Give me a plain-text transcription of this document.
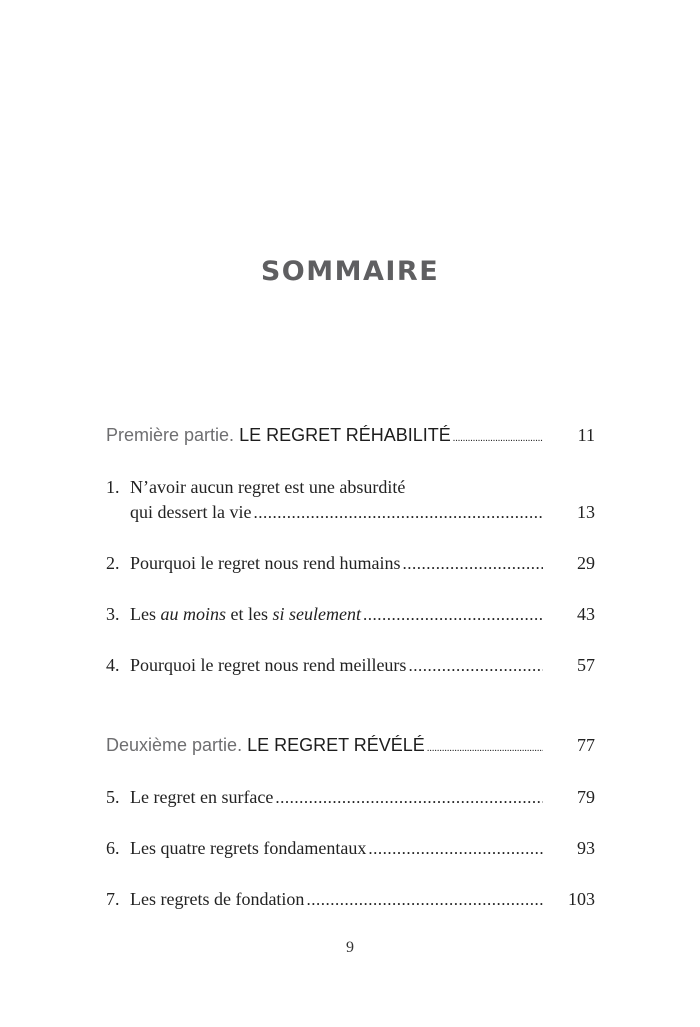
SOMMAIRE
Première partie. LE REGRET RÉHABILITÉ .....	11
1. N’avoir aucun regret est une absurdité
qui dessert la vie .....	13
2. Pourquoi le regret nous rend humains .....	29
3. Les au moins et les si seulement .....	43
4. Pourquoi le regret nous rend meilleurs .....	57
Deuxième partie. LE REGRET RÉVÉLÉ .....	77
5. Le regret en surface .....	79
6. Les quatre regrets fondamentaux .....	93
7. Les regrets de fondation .....	103
9
